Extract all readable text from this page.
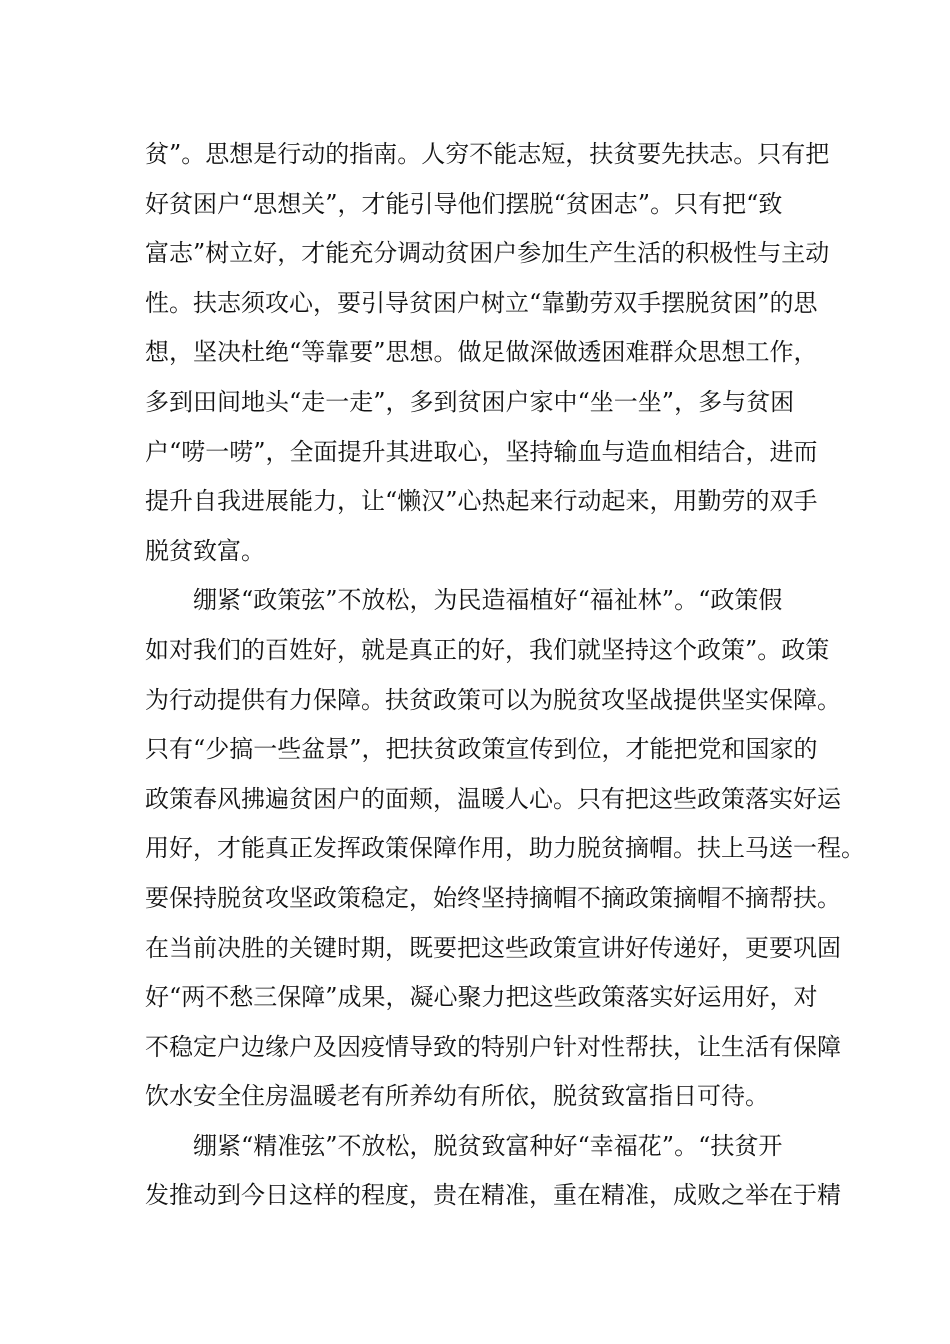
贫”。思想是行动的指南。人穷不能志短，扶贫要先扶志。只有把
好贫困户“思想关”，才能引导他们摆脱“贫困志”。只有把“致
富志”树立好，才能充分调动贫困户参加生产生活的积极性与主动
性。扶志须攻心，要引导贫困户树立“靠勤劳双手摆脱贫困”的思
想，坚决杜绝“等靠要”思想。做足做深做透困难群众思想工作，
多到田间地头“走一走”，多到贫困户家中“坐一坐”，多与贫困
户“唠一唠”，全面提升其进取心，坚持输血与造血相结合，进而
提升自我进展能力，让“懒汉”心热起来行动起来，用勤劳的双手
脱贫致富。
绷紧“政策弦”不放松，为民造福植好“福祉林”。“政策假
如对我们的百姓好，就是真正的好，我们就坚持这个政策”。政策
为行动提供有力保障。扶贫政策可以为脱贫攻坚战提供坚实保障。
只有“少搞一些盆景”，把扶贫政策宣传到位，才能把党和国家的
政策春风拂遍贫困户的面颊，温暖人心。只有把这些政策落实好运
用好，才能真正发挥政策保障作用，助力脱贫摘帽。扶上马送一程。
要保持脱贫攻坚政策稳定，始终坚持摘帽不摘政策摘帽不摘帮扶。
在当前决胜的关键时期，既要把这些政策宣讲好传递好，更要巩固
好“两不愁三保障”成果，凝心聚力把这些政策落实好运用好，对
不稳定户边缘户及因疫情导致的特别户针对性帮扶，让生活有保障
饮水安全住房温暖老有所养幼有所依，脱贫致富指日可待。
绷紧“精准弦”不放松，脱贫致富种好“幸福花”。“扶贫开
发推动到今日这样的程度，贵在精准，重在精准，成败之举在于精
